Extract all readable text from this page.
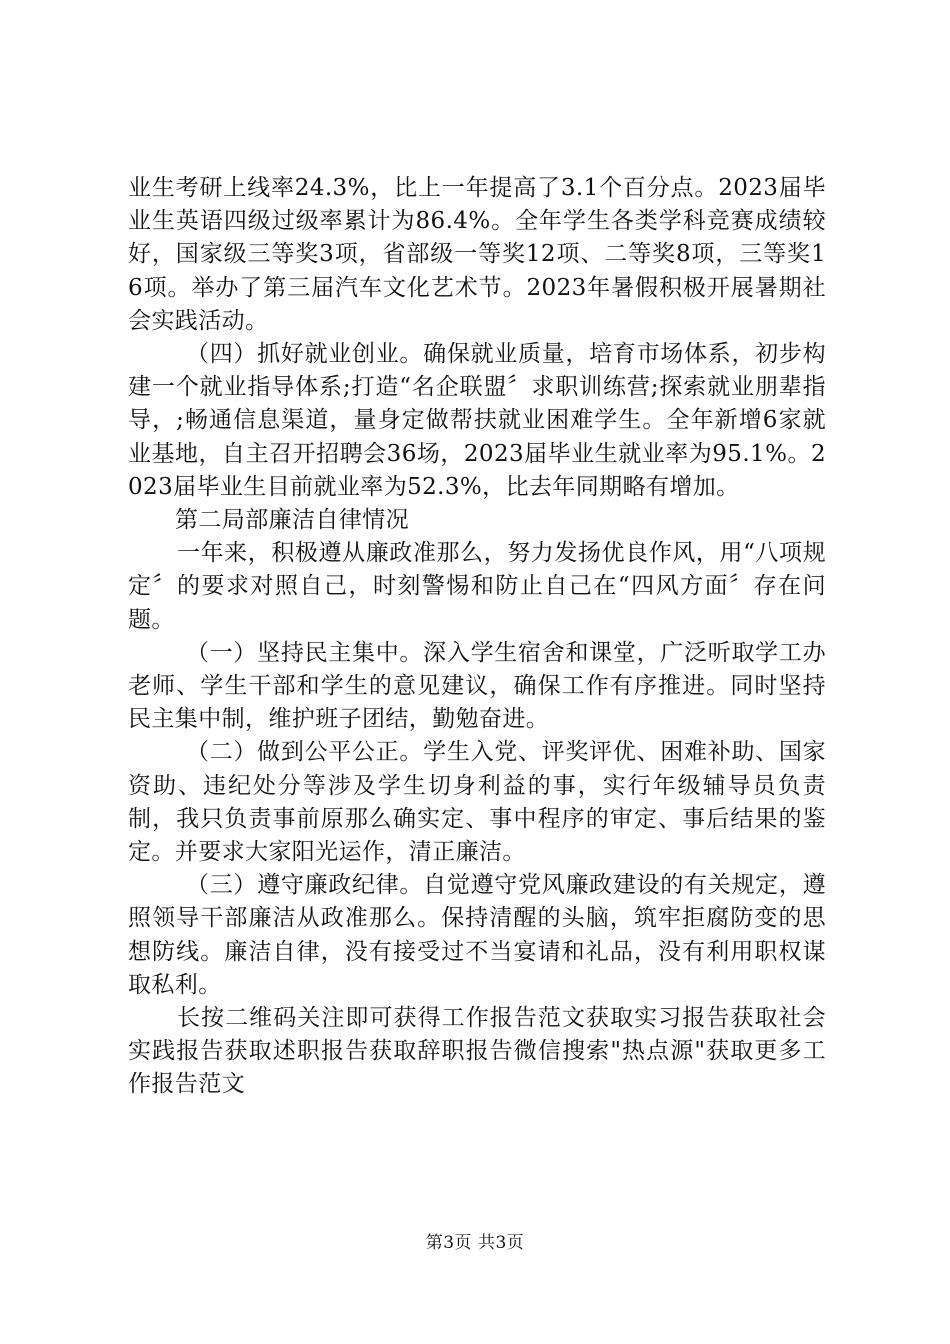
业生考研上线率24.3%，比上一年提高了3.1个百分点。2023届毕业生英语四级过级率累计为86.4%。全年学生各类学科竞赛成绩较好，国家级三等奖3项，省部级一等奖12项、二等奖8项，三等奖16项。举办了第三届汽车文化艺术节。2023年暑假积极开展暑期社会实践活动。

（四）抓好就业创业。确保就业质量，培育市场体系，初步构建一个就业指导体系;打造“名企联盟〞求职训练营;探索就业朋辈指导，;畅通信息渠道，量身定做帮扶就业困难学生。全年新增6家就业基地，自主召开招聘会36场，2023届毕业生就业率为95.1%。2023届毕业生目前就业率为52.3%，比去年同期略有增加。

第二局部廉洁自律情况

一年来，积极遵从廉政准那么，努力发扬优良作风，用“八项规定〞的要求对照自己，时刻警惕和防止自己在“四风方面〞存在问题。

（一）坚持民主集中。深入学生宿舍和课堂，广泛听取学工办老师、学生干部和学生的意见建议，确保工作有序推进。同时坚持民主集中制，维护班子团结，勤勉奋进。

（二）做到公平公正。学生入党、评奖评优、困难补助、国家资助、违纪处分等涉及学生切身利益的事，实行年级辅导员负责制，我只负责事前原那么确实定、事中程序的审定、事后结果的鉴定。并要求大家阳光运作，清正廉洁。

（三）遵守廉政纪律。自觉遵守党风廉政建设的有关规定，遵照领导干部廉洁从政准那么。保持清醒的头脑，筑牢拒腐防变的思想防线。廉洁自律，没有接受过不当宴请和礼品，没有利用职权谋取私利。

长按二维码关注即可获得工作报告范文获取实习报告获取社会实践报告获取述职报告获取辞职报告微信搜索"热点源"获取更多工作报告范文

第3页 共3页
